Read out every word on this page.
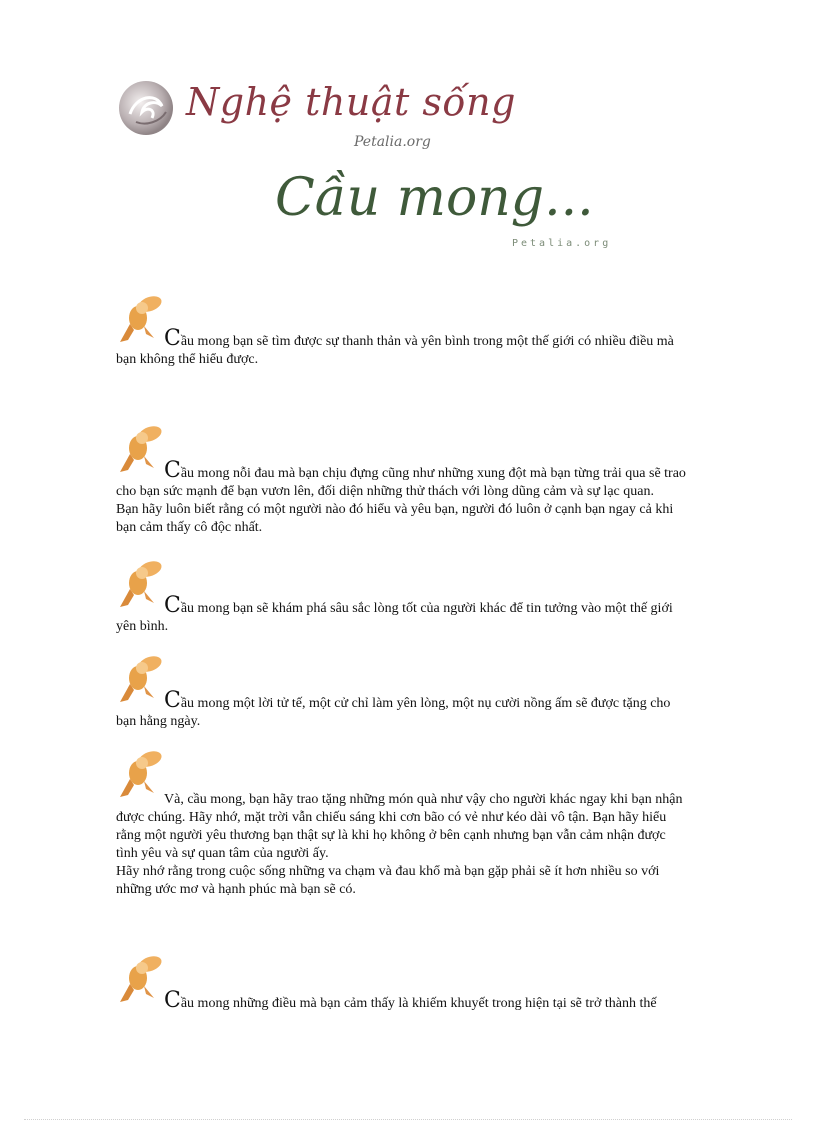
Nghệ thuật sống
Petalia.org
Cầu mong...
Petalia.org
Cầu mong bạn sẽ tìm được sự thanh thản và yên bình trong một thế giới có nhiều điều mà
bạn không thể hiểu được.
Cầu mong nỗi đau mà bạn chịu đựng cũng như những xung đột mà bạn từng trải qua sẽ trao
cho bạn sức mạnh để bạn vươn lên, đối diện những thử thách với lòng dũng cảm và sự lạc quan.
Bạn hãy luôn biết rằng có một người nào đó hiểu và yêu bạn, người đó luôn ở cạnh bạn ngay cả khi
bạn cảm thấy cô độc nhất.
Cầu mong bạn sẽ khám phá sâu sắc lòng tốt của người khác để tin tưởng vào một thế giới
yên bình.
Cầu mong một lời tử tế, một cử chỉ làm yên lòng, một nụ cười nồng ấm sẽ được tặng cho
bạn hằng ngày.
Và, cầu mong, bạn hãy trao tặng những món quà như vậy cho người khác ngay khi bạn nhận
được chúng. Hãy nhớ, mặt trời vẫn chiếu sáng khi cơn bão có vẻ như kéo dài vô tận. Bạn hãy hiểu
rằng một người yêu thương bạn thật sự là khi họ không ở bên cạnh nhưng bạn vẫn cảm nhận được
tình yêu và sự quan tâm của người ấy.
Hãy nhớ rằng trong cuộc sống những va chạm và đau khổ mà bạn gặp phải sẽ ít hơn nhiều so với
những ước mơ và hạnh phúc mà bạn sẽ có.
Cầu mong những điều mà bạn cảm thấy là khiếm khuyết trong hiện tại sẽ trở thành thế
